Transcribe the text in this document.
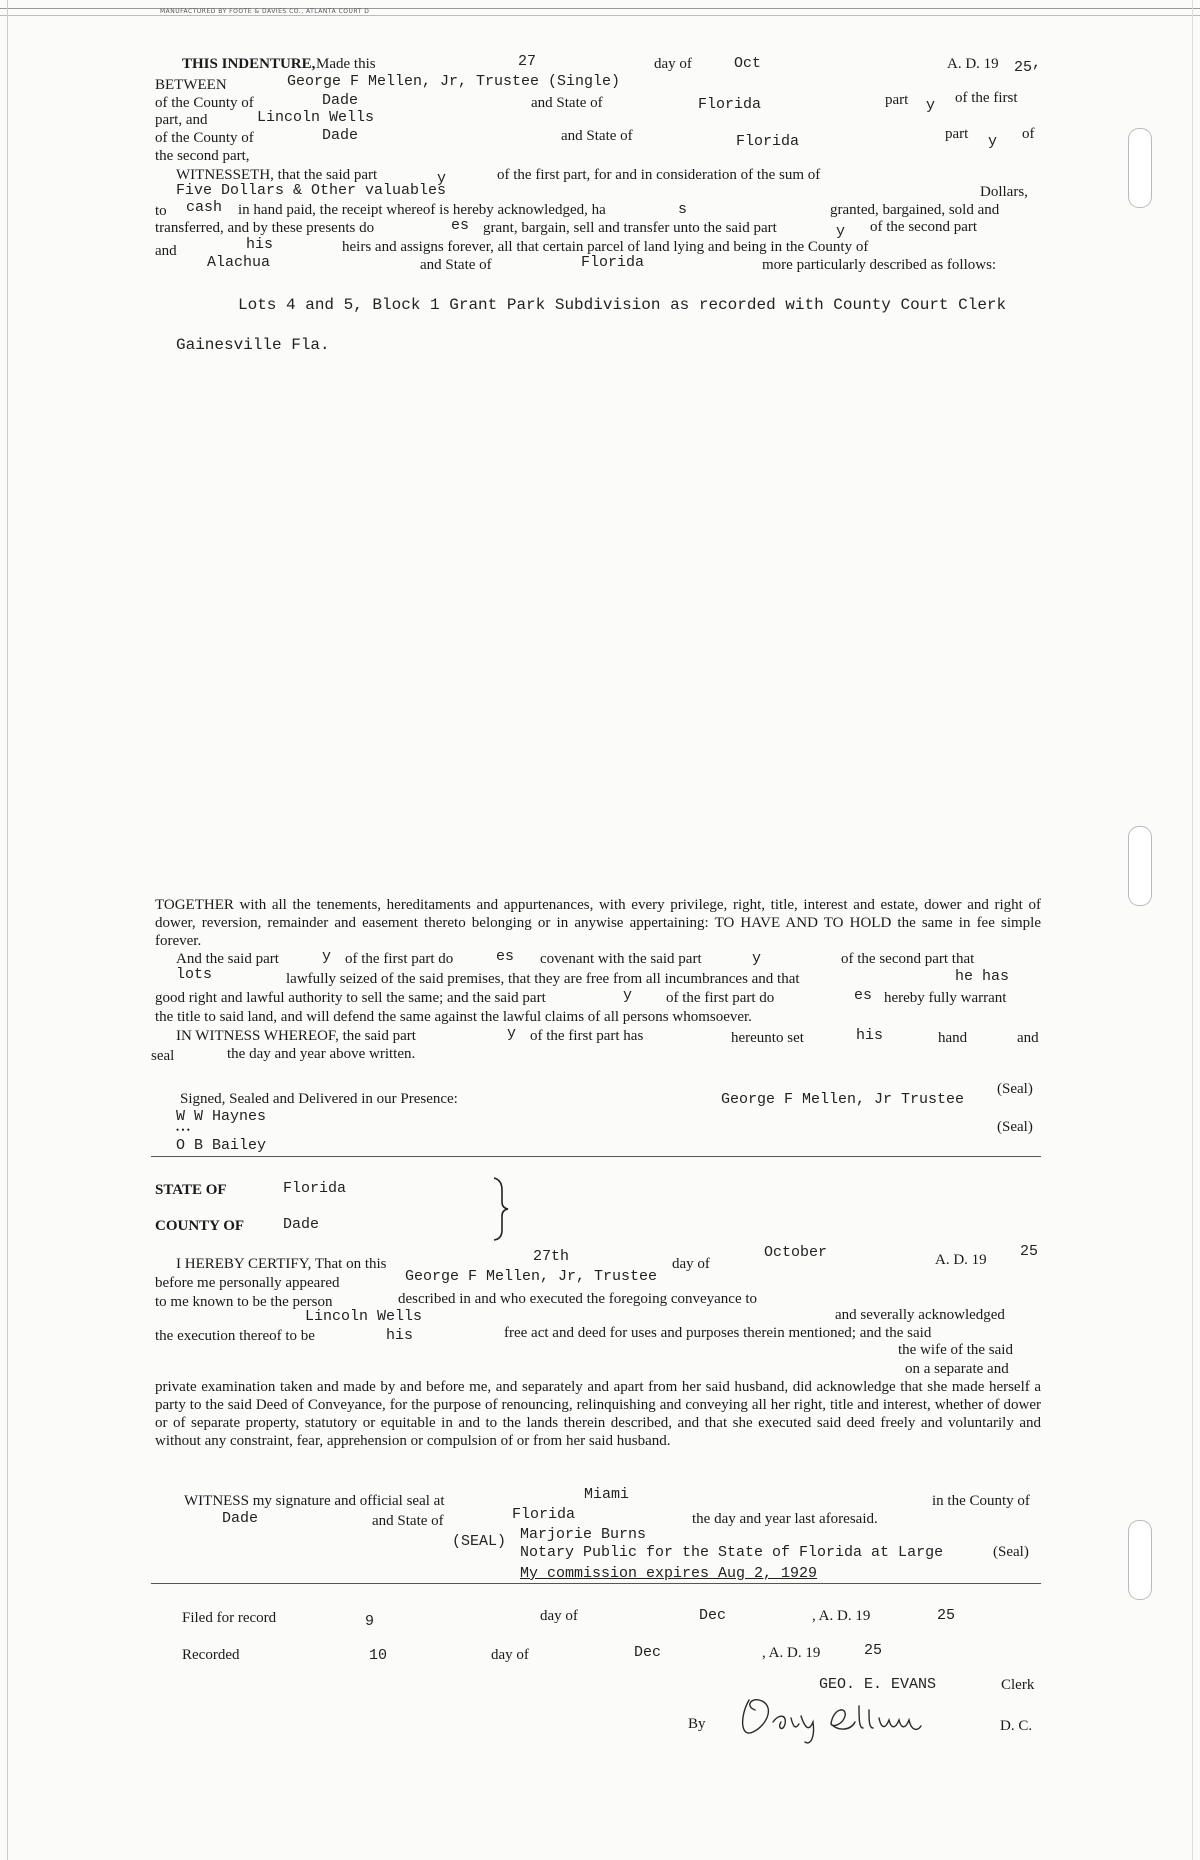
MANUFACTURED BY FOOTE & DAVIES CO., ATLANTA COURT D
THIS INDENTURE, Made this	27	day of	Oct	A. D. 19 25 ,
BETWEEN	George F Mellen, Jr, Trustee (Single)
of the County of	Dade	and State of	Florida	part y of the first
part, and	Lincoln Wells
of the County of	Dade	and State of	Florida	part y of
the second part,
WITNESSETH, that the said part	y	of the first part, for and in consideration of the sum of
Five Dollars & Other valuables	Dollars,
to cash in hand paid, the receipt whereof is hereby acknowledged, ha	s	granted, bargained, sold and
transferred, and by these presents do	es grant, bargain, sell and transfer unto the said part	y of the second part
and	his	heirs and assigns forever, all that certain parcel of land lying and being in the County of
Alachua	and State of	Florida	more particularly described as follows:
Lots 4 and 5, Block 1 Grant Park Subdivision as recorded with County Court Clerk
Gainesville Fla.
TOGETHER with all the tenements, hereditaments and appurtenances, with every privilege, right, title, interest and estate, dower and right of dower, reversion, remainder and easement thereto belonging or in anywise appertaining: TO HAVE AND TO HOLD the same in fee simple forever.
And the said part	y of the first part do	es covenant with the said part	y	of the second part that
lots	lawfully seized of the said premises, that they are free from all incumbrances and that	he has
good right and lawful authority to sell the same; and the said part	y of the first part do	es hereby fully warrant
the title to said land, and will defend the same against the lawful claims of all persons whomsoever.
IN WITNESS WHEREOF, the said part	y of the first part has	hereunto set	his	hand	and
seal	the day and year above written.
Signed, Sealed and Delivered in our Presence:
W W Haynes
• • •
O B Bailey
George F Mellen, Jr Trustee
(Seal)
(Seal)
STATE OF	Florida
COUNTY OF	Dade
I HEREBY CERTIFY, That on this	27th	day of
October	A. D. 19 25
before me personally appeared	George F Mellen, Jr, Trustee
to me known to be the person	described in and who executed the foregoing conveyance to
Lincoln Wells	and severally acknowledged
the execution thereof to be	his	free act and deed for uses and purposes therein mentioned; and the said
the wife of the said
on a separate and
private examination taken and made by and before me, and separately and apart from her said husband, did acknowledge that she made herself a party to the said Deed of Conveyance, for the purpose of renouncing, relinquishing and conveying all her right, title and interest, whether of dower or of separate property, statutory or equitable in and to the lands therein described, and that she executed said deed freely and voluntarily and without any constraint, fear, apprehension or compulsion of or from her said husband.
WITNESS my signature and official seal at	Miami	in the County of
Dade	and State of	Florida	the day and year last aforesaid.
(SEAL) Marjorie Burns
Notary Public for the State of Florida at Large	(Seal)
My commission expires Aug 2, 1929
Filed for record	9	day of	Dec	, A. D. 19	25
Recorded	10	day of	Dec	, A. D. 19	25
GEO. E. EVANS	Clerk
By	D. C.
